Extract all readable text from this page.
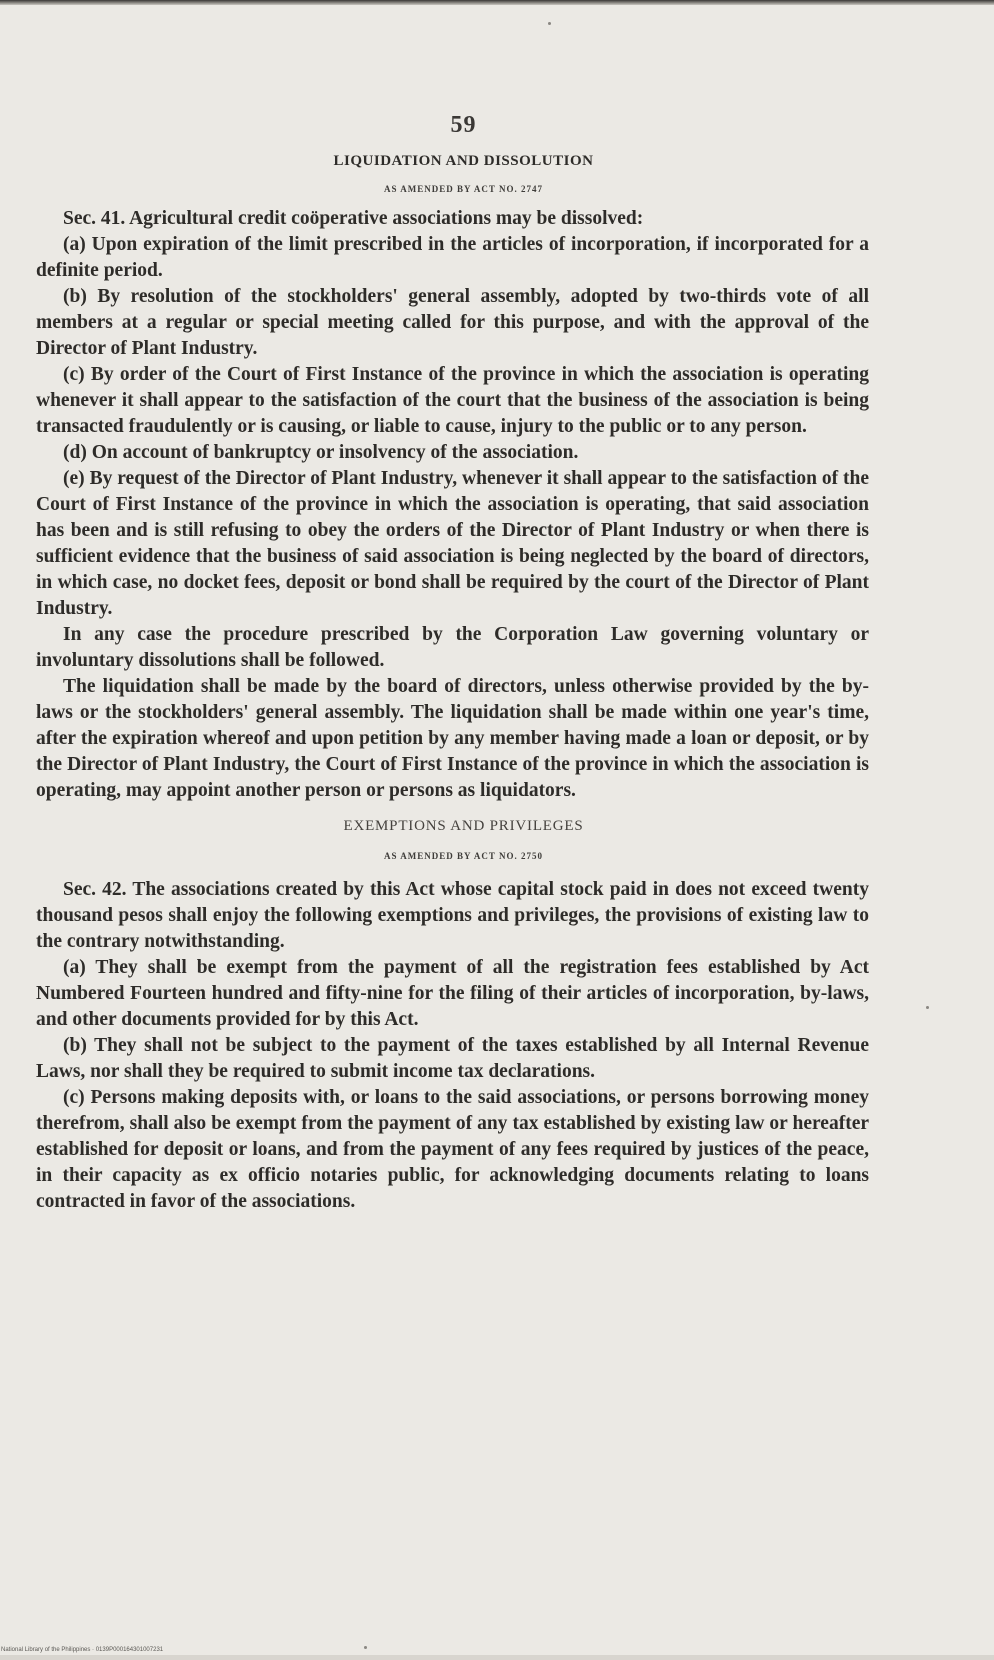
59
LIQUIDATION AND DISSOLUTION
AS AMENDED BY ACT NO. 2747

Sec. 41. Agricultural credit coöperative associations may be dissolved:

(a) Upon expiration of the limit prescribed in the articles of incorporation, if incorporated for a definite period.

(b) By resolution of the stockholders' general assembly, adopted by two-thirds vote of all members at a regular or special meeting called for this purpose, and with the approval of the Director of Plant Industry.

(c) By order of the Court of First Instance of the province in which the association is operating whenever it shall appear to the satisfaction of the court that the business of the association is being transacted fraudulently or is causing, or liable to cause, injury to the public or to any person.

(d) On account of bankruptcy or insolvency of the association.

(e) By request of the Director of Plant Industry, whenever it shall appear to the satisfaction of the Court of First Instance of the province in which the association is operating, that said association has been and is still refusing to obey the orders of the Director of Plant Industry or when there is sufficient evidence that the business of said association is being neglected by the board of directors, in which case, no docket fees, deposit or bond shall be required by the court of the Director of Plant Industry.

In any case the procedure prescribed by the Corporation Law governing voluntary or involuntary dissolutions shall be followed.

The liquidation shall be made by the board of directors, unless otherwise provided by the by-laws or the stockholders' general assembly. The liquidation shall be made within one year's time, after the expiration whereof and upon petition by any member having made a loan or deposit, or by the Director of Plant Industry, the Court of First Instance of the province in which the association is operating, may appoint another person or persons as liquidators.

EXEMPTIONS AND PRIVILEGES
AS AMENDED BY ACT NO. 2750

Sec. 42. The associations created by this Act whose capital stock paid in does not exceed twenty thousand pesos shall enjoy the following exemptions and privileges, the provisions of existing law to the contrary notwithstanding.

(a) They shall be exempt from the payment of all the registration fees established by Act Numbered Fourteen hundred and fifty-nine for the filing of their articles of incorporation, by-laws, and other documents provided for by this Act.

(b) They shall not be subject to the payment of the taxes established by all Internal Revenue Laws, nor shall they be required to submit income tax declarations.

(c) Persons making deposits with, or loans to the said associations, or persons borrowing money therefrom, shall also be exempt from the payment of any tax established by existing law or hereafter established for deposit or loans, and from the payment of any fees required by justices of the peace, in their capacity as ex officio notaries public, for acknowledging documents relating to loans contracted in favor of the associations.

National Library of the Philippines · 0139P000164301007231
